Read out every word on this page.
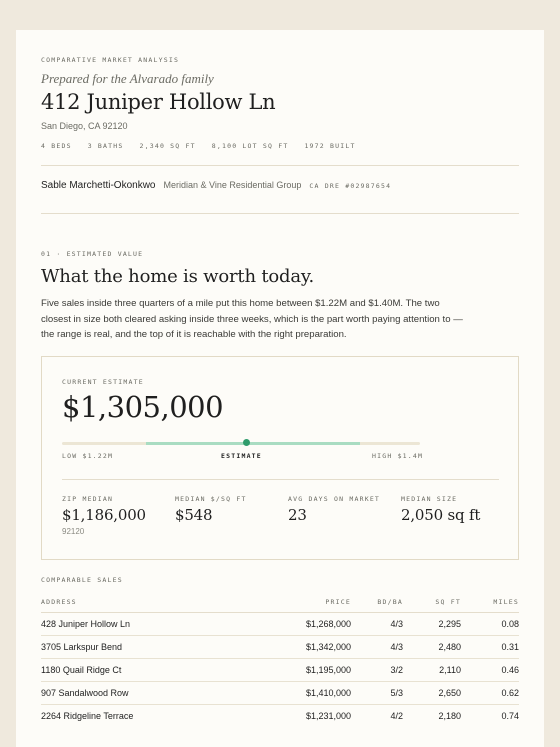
COMPARATIVE MARKET ANALYSIS
Prepared for the Alvarado family
412 Juniper Hollow Ln
San Diego, CA 92120
4 BEDS 3 BATHS 2,340 SQ FT 8,100 LOT SQ FT 1972 BUILT
Sable Marchetti-Okonkwo Meridian & Vine Residential Group CA DRE #02987654
01 · ESTIMATED VALUE
What the home is worth today.
Five sales inside three quarters of a mile put this home between $1.22M and $1.40M. The two closest in size both cleared asking inside three weeks, which is the part worth paying attention to — the range is real, and the top of it is reachable with the right preparation.
CURRENT ESTIMATE
$1,305,000
LOW $1.22M	ESTIMATE	HIGH $1.4M
ZIP MEDIAN
$1,186,000
92120
MEDIAN $/SQ FT
$548
AVG DAYS ON MARKET
23
MEDIAN SIZE
2,050 sq ft
COMPARABLE SALES
ADDRESS	PRICE	BD/BA	SQ FT	MILES
428 Juniper Hollow Ln	$1,268,000	4/3	2,295	0.08
3705 Larkspur Bend	$1,342,000	4/3	2,480	0.31
1180 Quail Ridge Ct	$1,195,000	3/2	2,110	0.46
907 Sandalwood Row	$1,410,000	5/3	2,650	0.62
2264 Ridgeline Terrace	$1,231,000	4/2	2,180	0.74
